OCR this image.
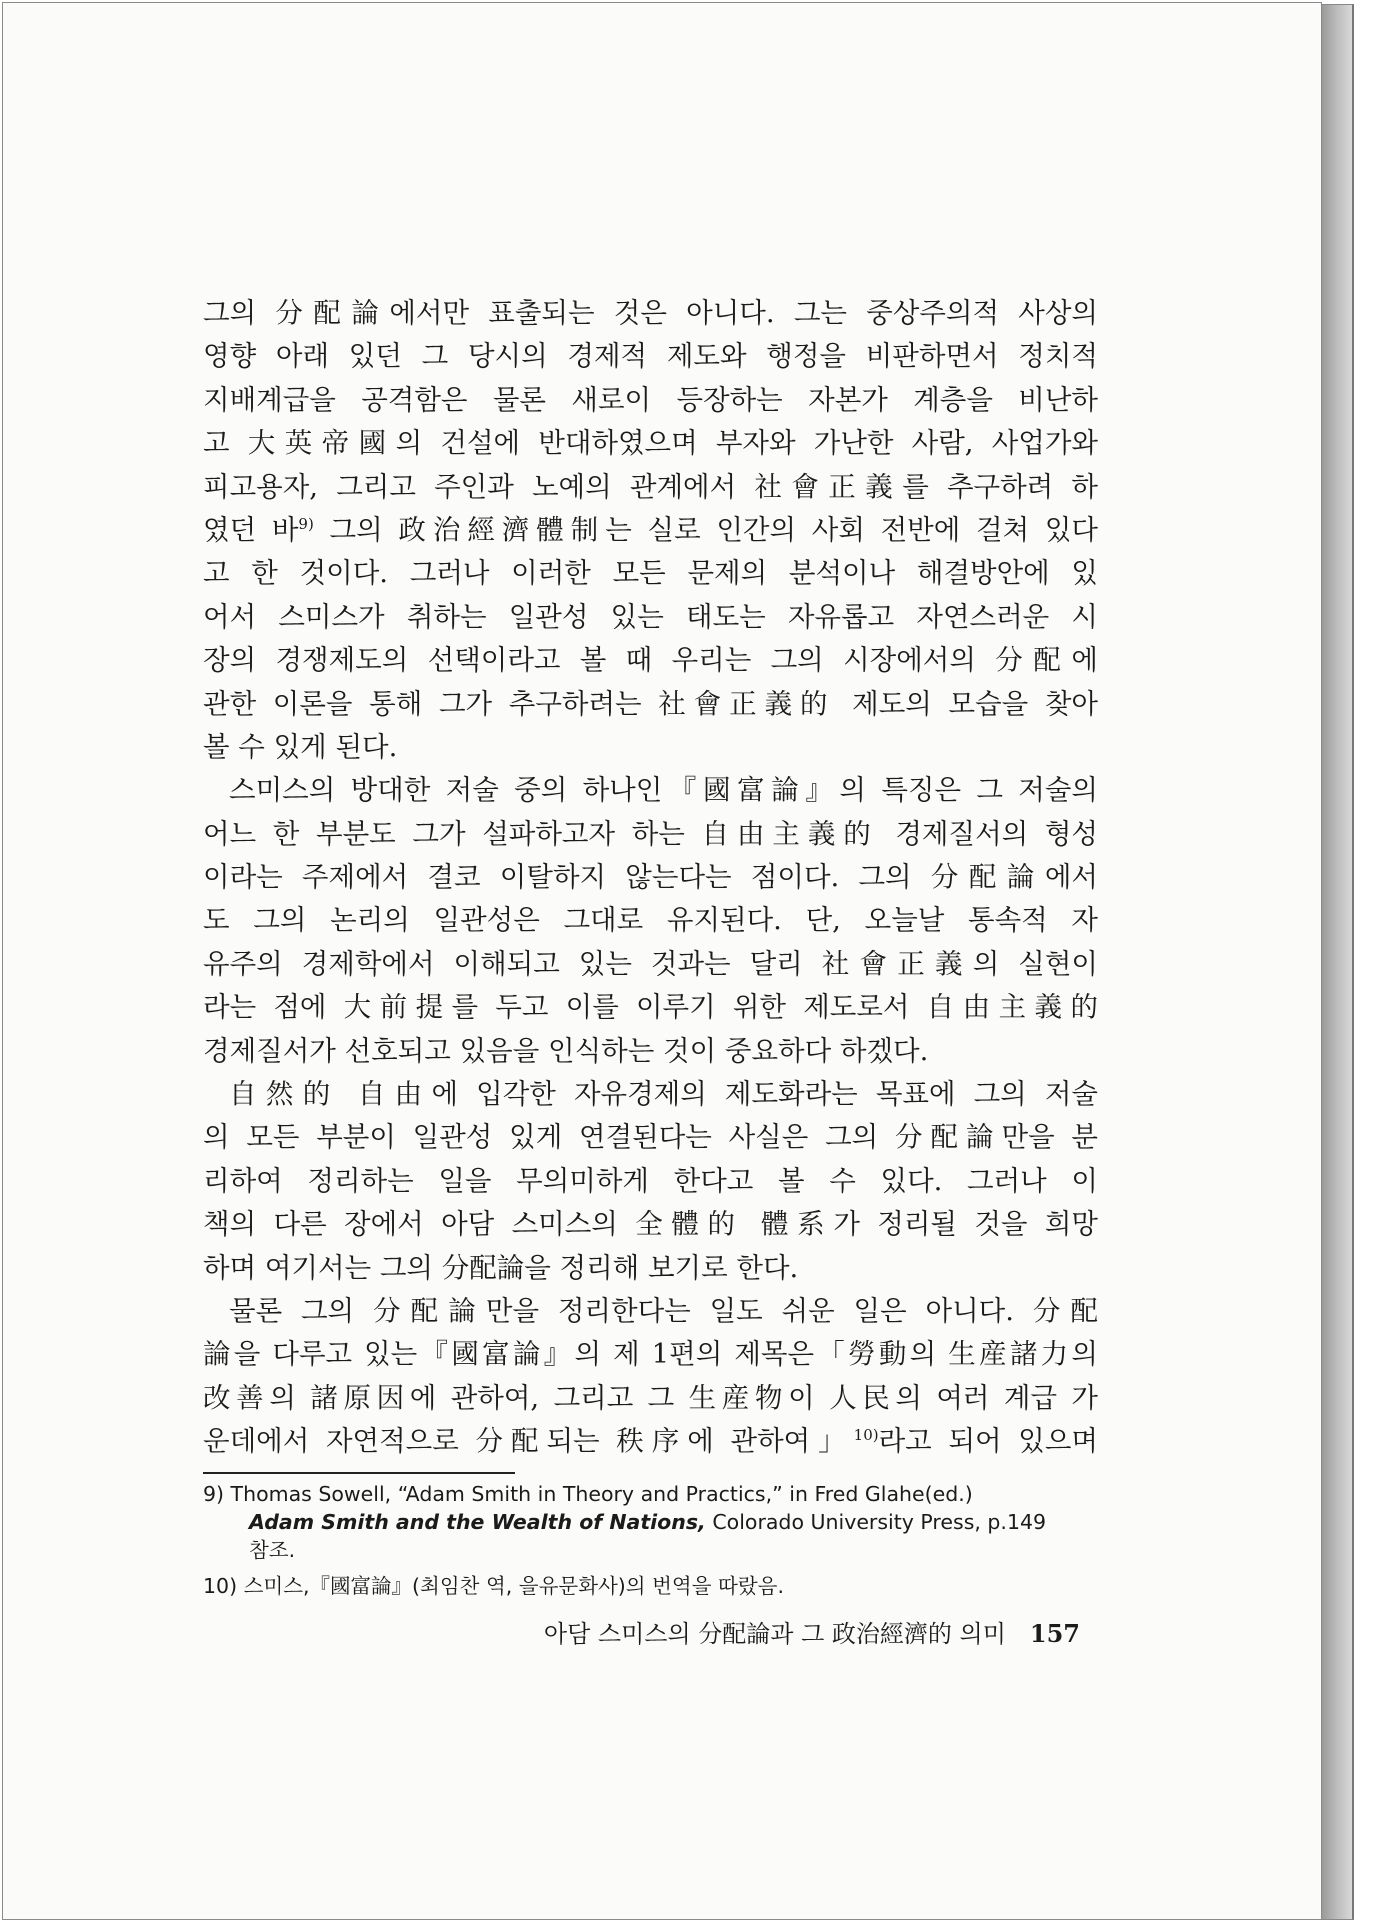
그의 分配論에서만 표출되는 것은 아니다. 그는 중상주의적 사상의
영향 아래 있던 그 당시의 경제적 제도와 행정을 비판하면서 정치적
지배계급을 공격함은 물론 새로이 등장하는 자본가 계층을 비난하
고 大英帝國의 건설에 반대하였으며 부자와 가난한 사람, 사업가와
피고용자, 그리고 주인과 노예의 관계에서 社會正義를 추구하려 하
였던 바$^{9)}$ 그의 政治經濟體制는 실로 인간의 사회 전반에 걸쳐 있다
고 한 것이다. 그러나 이러한 모든 문제의 분석이나 해결방안에 있
어서 스미스가 취하는 일관성 있는 태도는 자유롭고 자연스러운 시
장의 경쟁제도의 선택이라고 볼 때 우리는 그의 시장에서의 分配에
관한 이론을 통해 그가 추구하려는 社會正義的 제도의 모습을 찾아
볼 수 있게 된다.
스미스의 방대한 저술 중의 하나인『國富論』의 특징은 그 저술의
어느 한 부분도 그가 설파하고자 하는 自由主義的 경제질서의 형성
이라는 주제에서 결코 이탈하지 않는다는 점이다. 그의 分配論에서
도 그의 논리의 일관성은 그대로 유지된다. 단, 오늘날 통속적 자
유주의 경제학에서 이해되고 있는 것과는 달리 社會正義의 실현이
라는 점에 大前提를 두고 이를 이루기 위한 제도로서 自由主義的
경제질서가 선호되고 있음을 인식하는 것이 중요하다 하겠다.
自然的 自由에 입각한 자유경제의 제도화라는 목표에 그의 저술
의 모든 부분이 일관성 있게 연결된다는 사실은 그의 分配論만을 분
리하여 정리하는 일을 무의미하게 한다고 볼 수 있다. 그러나 이
책의 다른 장에서 아담 스미스의 全體的 體系가 정리될 것을 희망
하며 여기서는 그의 分配論을 정리해 보기로 한다.
물론 그의 分配論만을 정리한다는 일도 쉬운 일은 아니다. 分配
論을 다루고 있는『國富論』의 제 1편의 제목은「勞動의 生産諸力의
改善의 諸原因에 관하여, 그리고 그 生産物이 人民의 여러 계급 가
운데에서 자연적으로 分配되는 秩序에 관하여」$^{10)}$라고 되어 있으며
9) Thomas Sowell, “Adam Smith in Theory and Practics,” in Fred Glahe(ed.)
Adam Smith and the Wealth of Nations, Colorado University Press, p.149
참조.
10) 스미스,『國富論』(최임찬 역, 을유문화사)의 번역을 따랐음.
아담 스미스의 分配論과 그 政治經濟的 의미 157
